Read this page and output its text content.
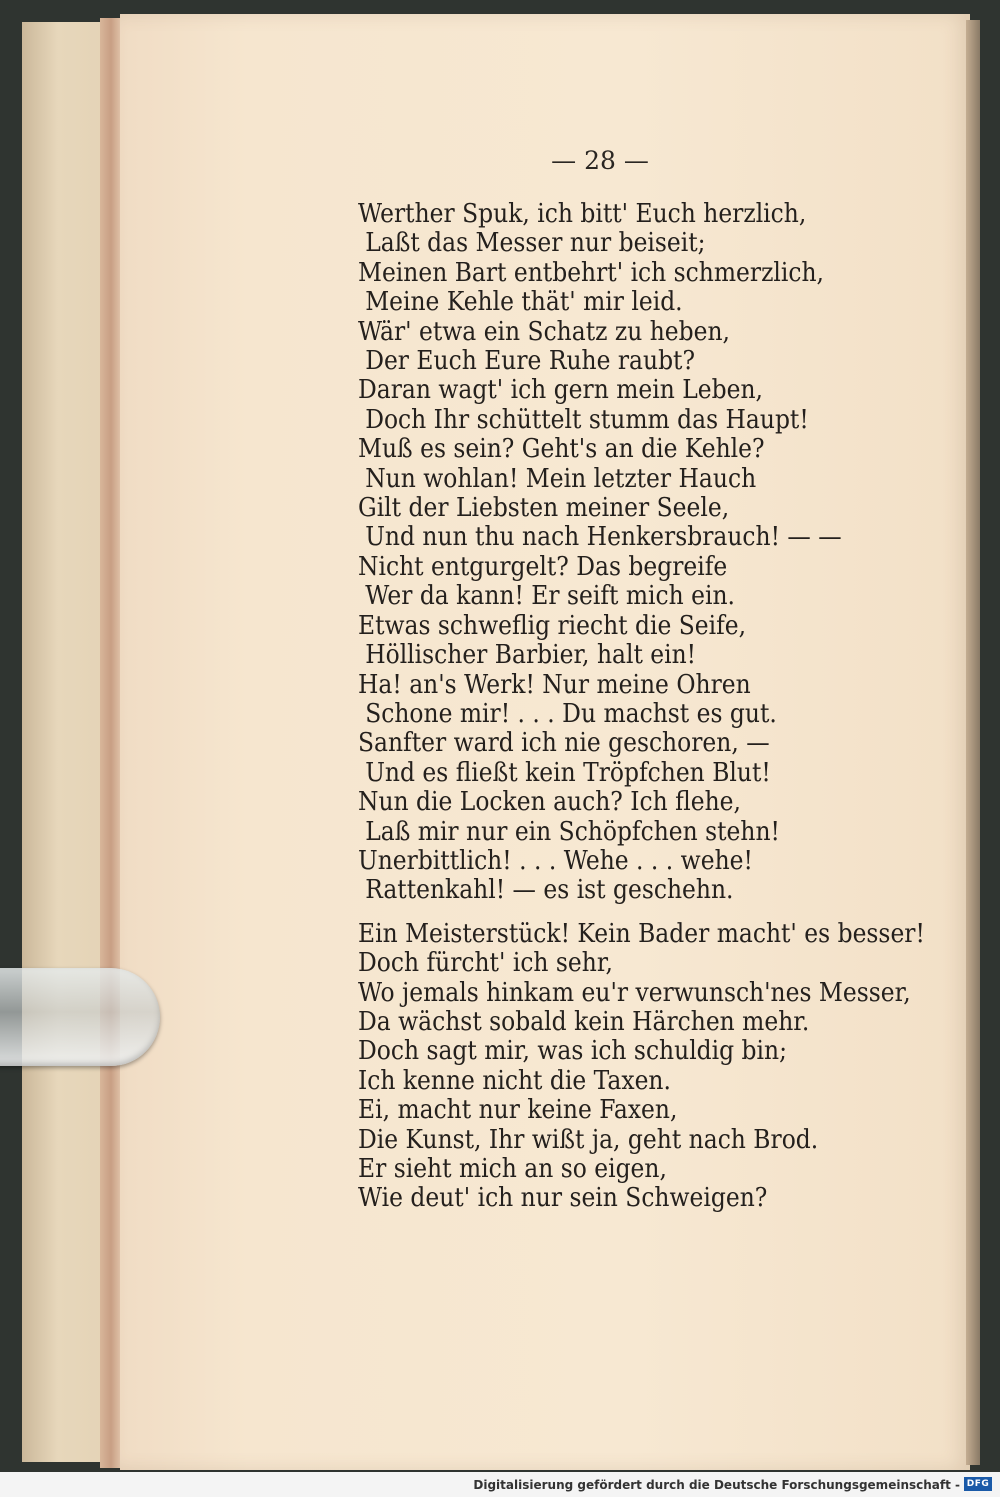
— 28 —
Werther Spuk, ich bitt' Euch herzlich,
Laßt das Messer nur beiseit;
Meinen Bart entbehrt' ich schmerzlich,
Meine Kehle thät' mir leid.
Wär' etwa ein Schatz zu heben,
Der Euch Eure Ruhe raubt?
Daran wagt' ich gern mein Leben,
Doch Ihr schüttelt stumm das Haupt!
Muß es sein? Geht's an die Kehle?
Nun wohlan! Mein letzter Hauch
Gilt der Liebsten meiner Seele,
Und nun thu nach Henkersbrauch! — —
Nicht entgurgelt? Das begreife
Wer da kann! Er seift mich ein.
Etwas schweflig riecht die Seife,
Höllischer Barbier, halt ein!
Ha! an's Werk! Nur meine Ohren
Schone mir! . . . Du machst es gut.
Sanfter ward ich nie geschoren, —
Und es fließt kein Tröpfchen Blut!
Nun die Locken auch? Ich flehe,
Laß mir nur ein Schöpfchen stehn!
Unerbittlich! . . . Wehe . . . wehe!
Rattenkahl! — es ist geschehn.
Ein Meisterstück! Kein Bader macht' es besser!
Doch fürcht' ich sehr,
Wo jemals hinkam eu'r verwunsch'nes Messer,
Da wächst sobald kein Härchen mehr.
Doch sagt mir, was ich schuldig bin;
Ich kenne nicht die Taxen.
Ei, macht nur keine Faxen,
Die Kunst, Ihr wißt ja, geht nach Brod.
Er sieht mich an so eigen,
Wie deut' ich nur sein Schweigen?
Digitalisierung gefördert durch die Deutsche Forschungsgemeinschaft - DFG
